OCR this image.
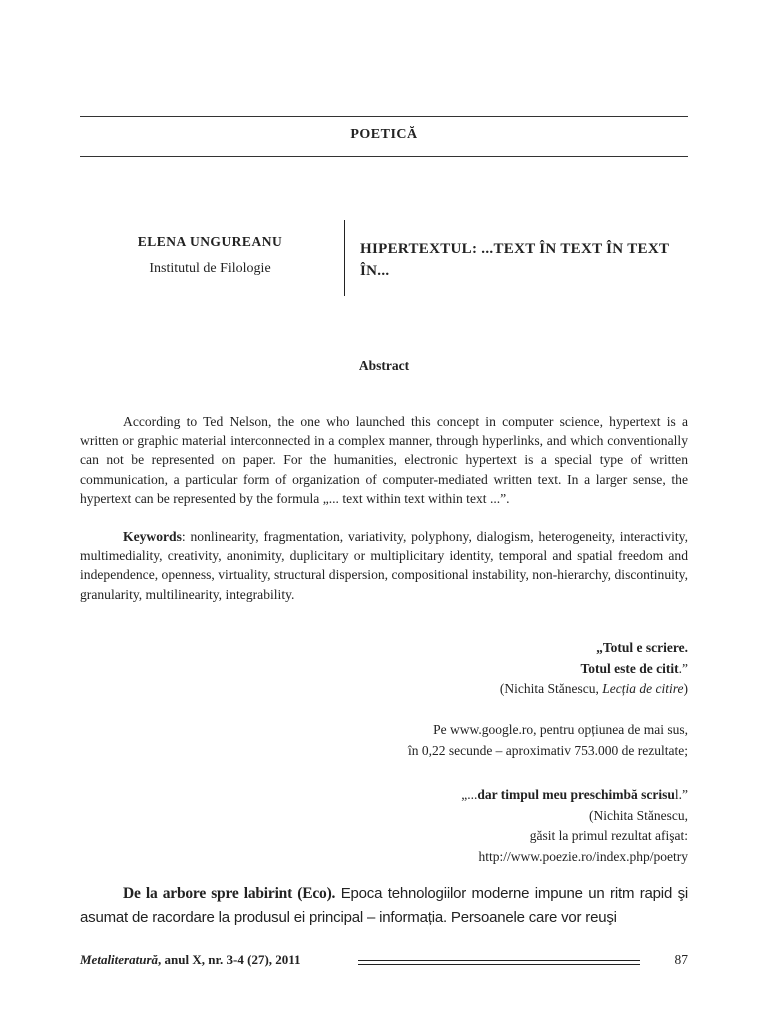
POETICĂ
ELENA UNGUREANU
Institutul de Filologie
HIPERTEXTUL: ...TEXT ÎN TEXT ÎN TEXT ÎN...
Abstract

According to Ted Nelson, the one who launched this concept in computer science, hypertext is a written or graphic material interconnected in a complex manner, through hyperlinks, and which conventionally can not be represented on paper. For the humanities, electronic hypertext is a special type of written communication, a particular form of organization of computer-mediated written text. In a larger sense, the hypertext can be represented by the formula „... text within text within text ...”.

Keywords: nonlinearity, fragmentation, variativity, polyphony, dialogism, heterogeneity, interactivity, multimediality, creativity, anonimity, duplicitary or multiplicitary identity, temporal and spatial freedom and independence, openness, virtuality, structural dispersion, compositional instability, non-hierarchy, discontinuity, granularity, multilinearity, integrability.

„Totul e scriere.
Totul este de citit.”
(Nichita Stănescu, Lecția de citire)
Pe www.google.ro, pentru opțiunea de mai sus,
în 0,22 secunde – aproximativ 753.000 de rezultate;
„...dar timpul meu preschimbă scrisul.”
(Nichita Stănescu,
găsit la primul rezultat afişat:
http://www.poezie.ro/index.php/poetry

De la arbore spre labirint (Eco). Epoca tehnologiilor moderne impune un ritm rapid şi asumat de racordare la produsul ei principal – informația. Persoanele care vor reuşi

Metaliteratură, anul X, nr. 3-4 (27), 2011	87
